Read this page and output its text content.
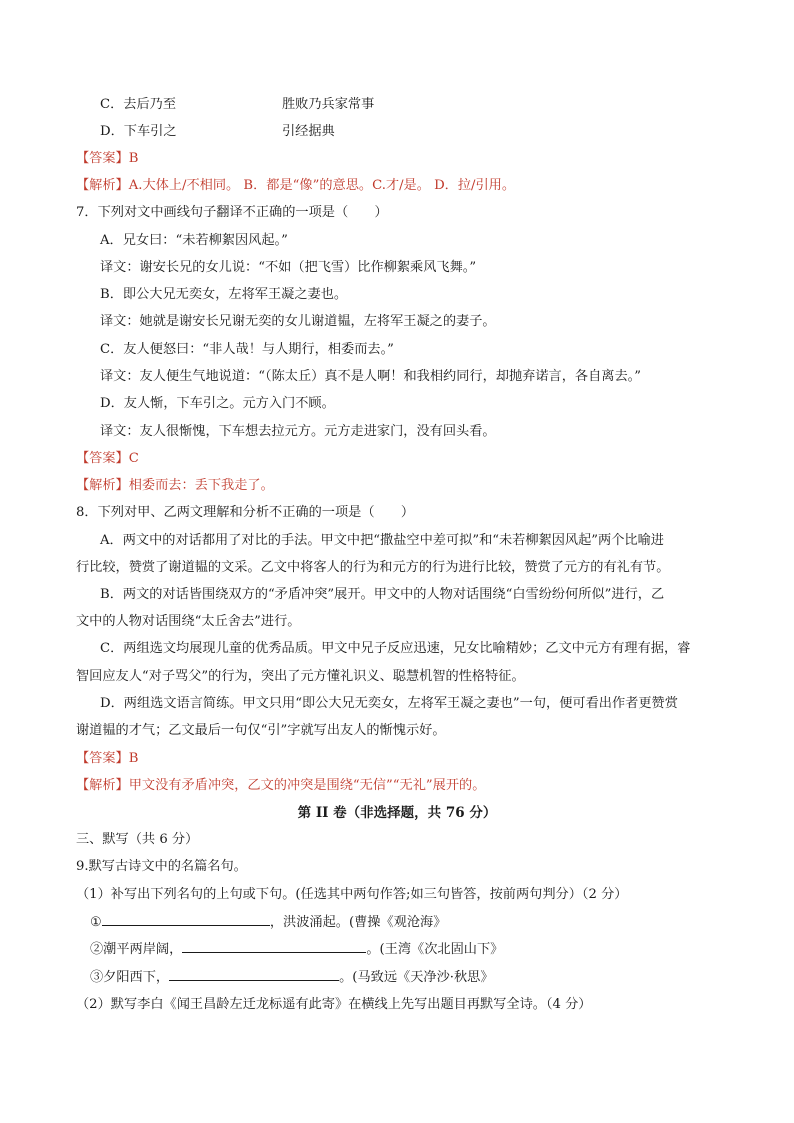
C．去后乃至	胜败乃兵家常事
D．下车引之	引经据典
【答案】B
【解析】A.大体上/不相同。 B．都是“像”的意思。C.才/是。 D．拉/引用。
7．下列对文中画线句子翻译不正确的一项是（　　）
A．兄女曰：“未若柳絮因风起。”
译文：谢安长兄的女儿说：“不如（把飞雪）比作柳絮乘风飞舞。”
B．即公大兄无奕女，左将军王凝之妻也。
译文：她就是谢安长兄谢无奕的女儿谢道韫，左将军王凝之的妻子。
C．友人便怒曰：“非人哉！与人期行，相委而去。”
译文：友人便生气地说道：“（陈太丘）真不是人啊！和我相约同行，却抛弃诺言，各自离去。”
D．友人惭，下车引之。元方入门不顾。
译文：友人很惭愧，下车想去拉元方。元方走进家门，没有回头看。
【答案】C
【解析】相委而去：丢下我走了。
8．下列对甲、乙两文理解和分析不正确的一项是（　　）
A．两文中的对话都用了对比的手法。甲文中把“撒盐空中差可拟”和“未若柳絮因风起”两个比喻进
行比较，赞赏了谢道韫的文采。乙文中将客人的行为和元方的行为进行比较，赞赏了元方的有礼有节。
B．两文的对话皆围绕双方的“矛盾冲突”展开。甲文中的人物对话围绕“白雪纷纷何所似”进行，乙
文中的人物对话围绕“太丘舍去”进行。
C．两组选文均展现儿童的优秀品质。甲文中兄子反应迅速，兄女比喻精妙；乙文中元方有理有据，睿
智回应友人“对子骂父”的行为，突出了元方懂礼识义、聪慧机智的性格特征。
D．两组选文语言简练。甲文只用“即公大兄无奕女，左将军王凝之妻也”一句，便可看出作者更赞赏
谢道韫的才气；乙文最后一句仅“引”字就写出友人的惭愧示好。
【答案】B
【解析】甲文没有矛盾冲突，乙文的冲突是围绕“无信”“无礼”展开的。
第 II 卷（非选择题，共 76 分）
三、默写（共 6 分）
9.默写古诗文中的名篇名句。
（1）补写出下列名句的上句或下句。(任选其中两句作答;如三句皆答，按前两句判分）（2 分）
①	，洪波涌起。(曹操《观沧海》
②潮平两岸阔，	。(王湾《次北固山下》
③夕阳西下，	。(马致远《天净沙·秋思》
（2）默写李白《闻王昌龄左迁龙标遥有此寄》在横线上先写出题目再默写全诗。（4 分）
